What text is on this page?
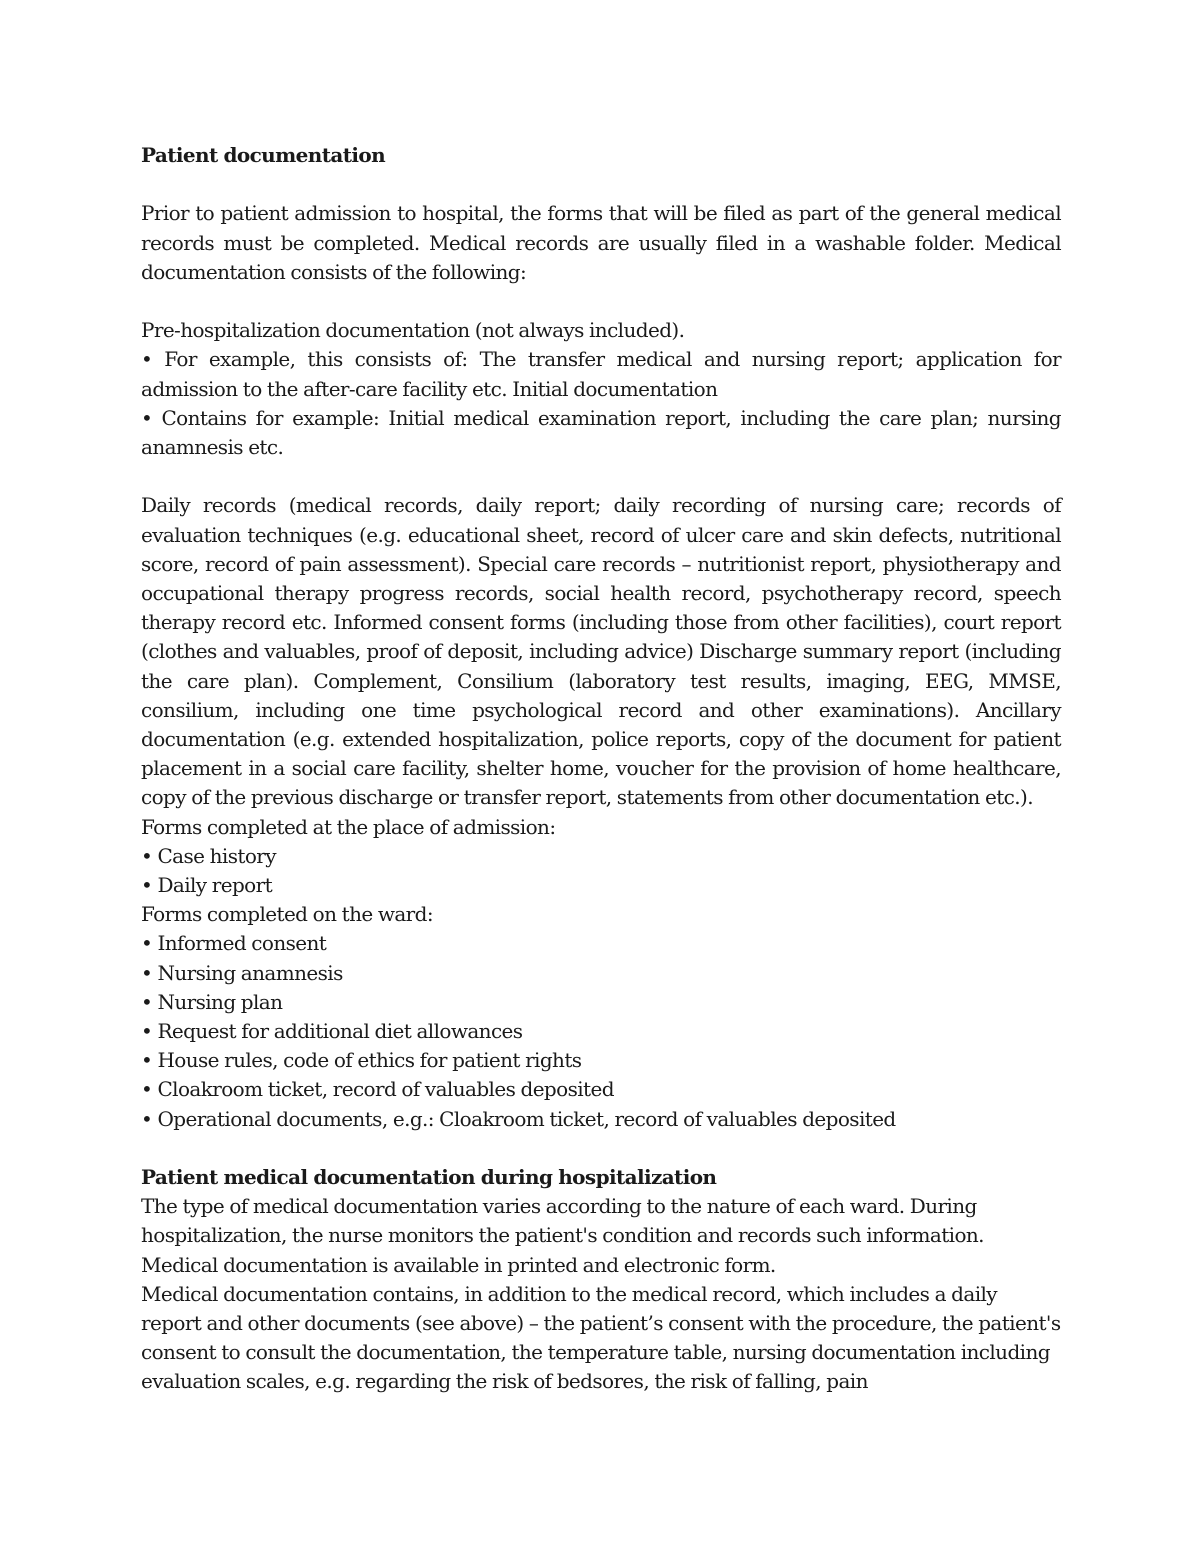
Patient documentation

Prior to patient admission to hospital, the forms that will be filed as part of the general medical records must be completed. Medical records are usually filed in a washable folder. Medical documentation consists of the following:

Pre-hospitalization documentation (not always included).

• For example, this consists of: The transfer medical and nursing report; application for admission to the after-care facility etc. Initial documentation

• Contains for example: Initial medical examination report, including the care plan; nursing anamnesis etc.

Daily records (medical records, daily report; daily recording of nursing care; records of evaluation techniques (e.g. educational sheet, record of ulcer care and skin defects, nutritional score, record of pain assessment). Special care records – nutritionist report, physiotherapy and occupational therapy progress records, social health record, psychotherapy record, speech therapy record etc. Informed consent forms (including those from other facilities), court report (clothes and valuables, proof of deposit, including advice) Discharge summary report (including the care plan). Complement, Consilium (laboratory test results, imaging, EEG, MMSE, consilium, including one time psychological record and other examinations). Ancillary documentation (e.g. extended hospitalization, police reports, copy of the document for patient placement in a social care facility, shelter home, voucher for the provision of home healthcare, copy of the previous discharge or transfer report, statements from other documentation etc.).

Forms completed at the place of admission:

• Case history

• Daily report

Forms completed on the ward:

• Informed consent

• Nursing anamnesis

• Nursing plan

• Request for additional diet allowances

• House rules, code of ethics for patient rights

• Cloakroom ticket, record of valuables deposited

• Operational documents, e.g.: Cloakroom ticket, record of valuables deposited

Patient medical documentation during hospitalization

The type of medical documentation varies according to the nature of each ward. During hospitalization, the nurse monitors the patient's condition and records such information. Medical documentation is available in printed and electronic form.

Medical documentation contains, in addition to the medical record, which includes a daily report and other documents (see above) – the patient’s consent with the procedure, the patient's consent to consult the documentation, the temperature table, nursing documentation including evaluation scales, e.g. regarding the risk of bedsores, the risk of falling, pain
